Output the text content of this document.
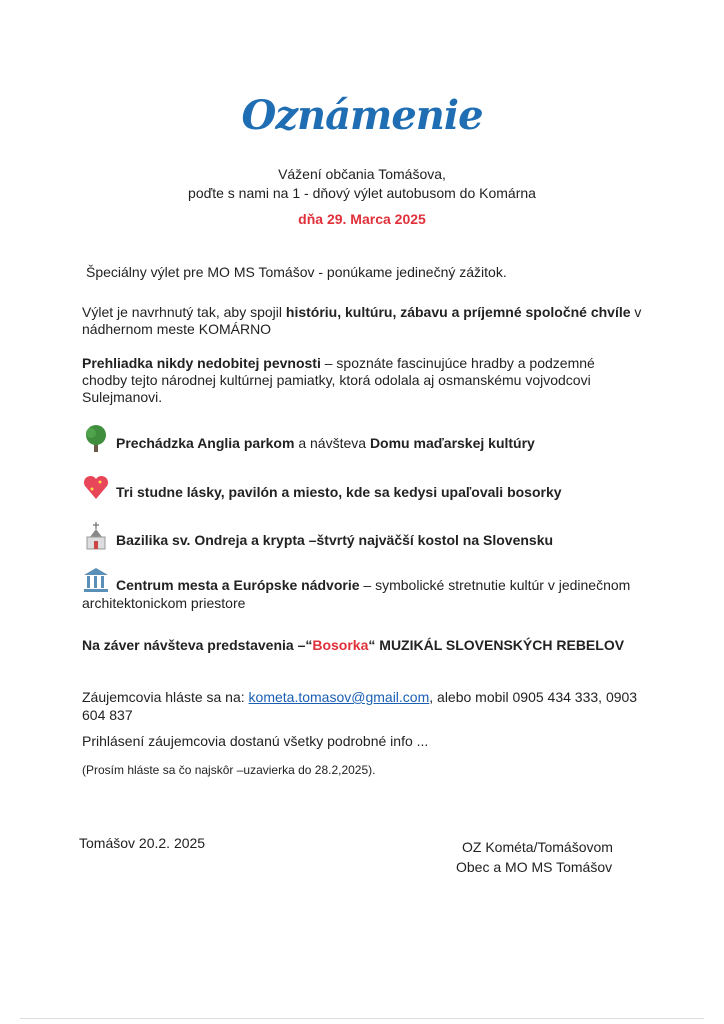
Oznámenie
Vážení občania Tomášova,
poďte s nami na 1 - dňový výlet autobusom do Komárna
dňa 29. Marca 2025
Špeciálny výlet pre MO MS Tomášov - ponúkame jedinečný zážitok.
Výlet je navrhnutý tak, aby spojil históriu, kultúru, zábavu a príjemné spoločné chvíle v nádhernom meste KOMÁRNO
Prehliadka nikdy nedobitej pevnosti – spoznáte fascinujúce hradby a podzemné chodby tejto národnej kultúrnej pamiatky, ktorá odolala aj osmanskému vojvodcovi Sulejmanovi.
Prechádzka Anglia parkom a návšteva Domu maďarskej kultúry
Tri studne lásky, pavilón a miesto, kde sa kedysi upaľovali bosorky
Bazilika sv. Ondreja a krypta –štvrtý najväčší kostol na Slovensku
Centrum mesta a Európske nádvorie – symbolické stretnutie kultúr v jedinečnom architektonickom priestore
Na záver návšteva predstavenia –“Bosorka“ MUZIKÁL SLOVENSKÝCH REBELOV
Záujemcovia hláste sa na: kometa.tomasov@gmail.com, alebo mobil 0905 434 333, 0903 604 837
Prihlásení záujemcovia dostanú všetky podrobné info ...
(Prosím hláste sa čo najskôr –uzavierka do 28.2,2025).
Tomášov 20.2. 2025	OZ Kométa/Tomášovom
Obec a MO MS Tomášov
